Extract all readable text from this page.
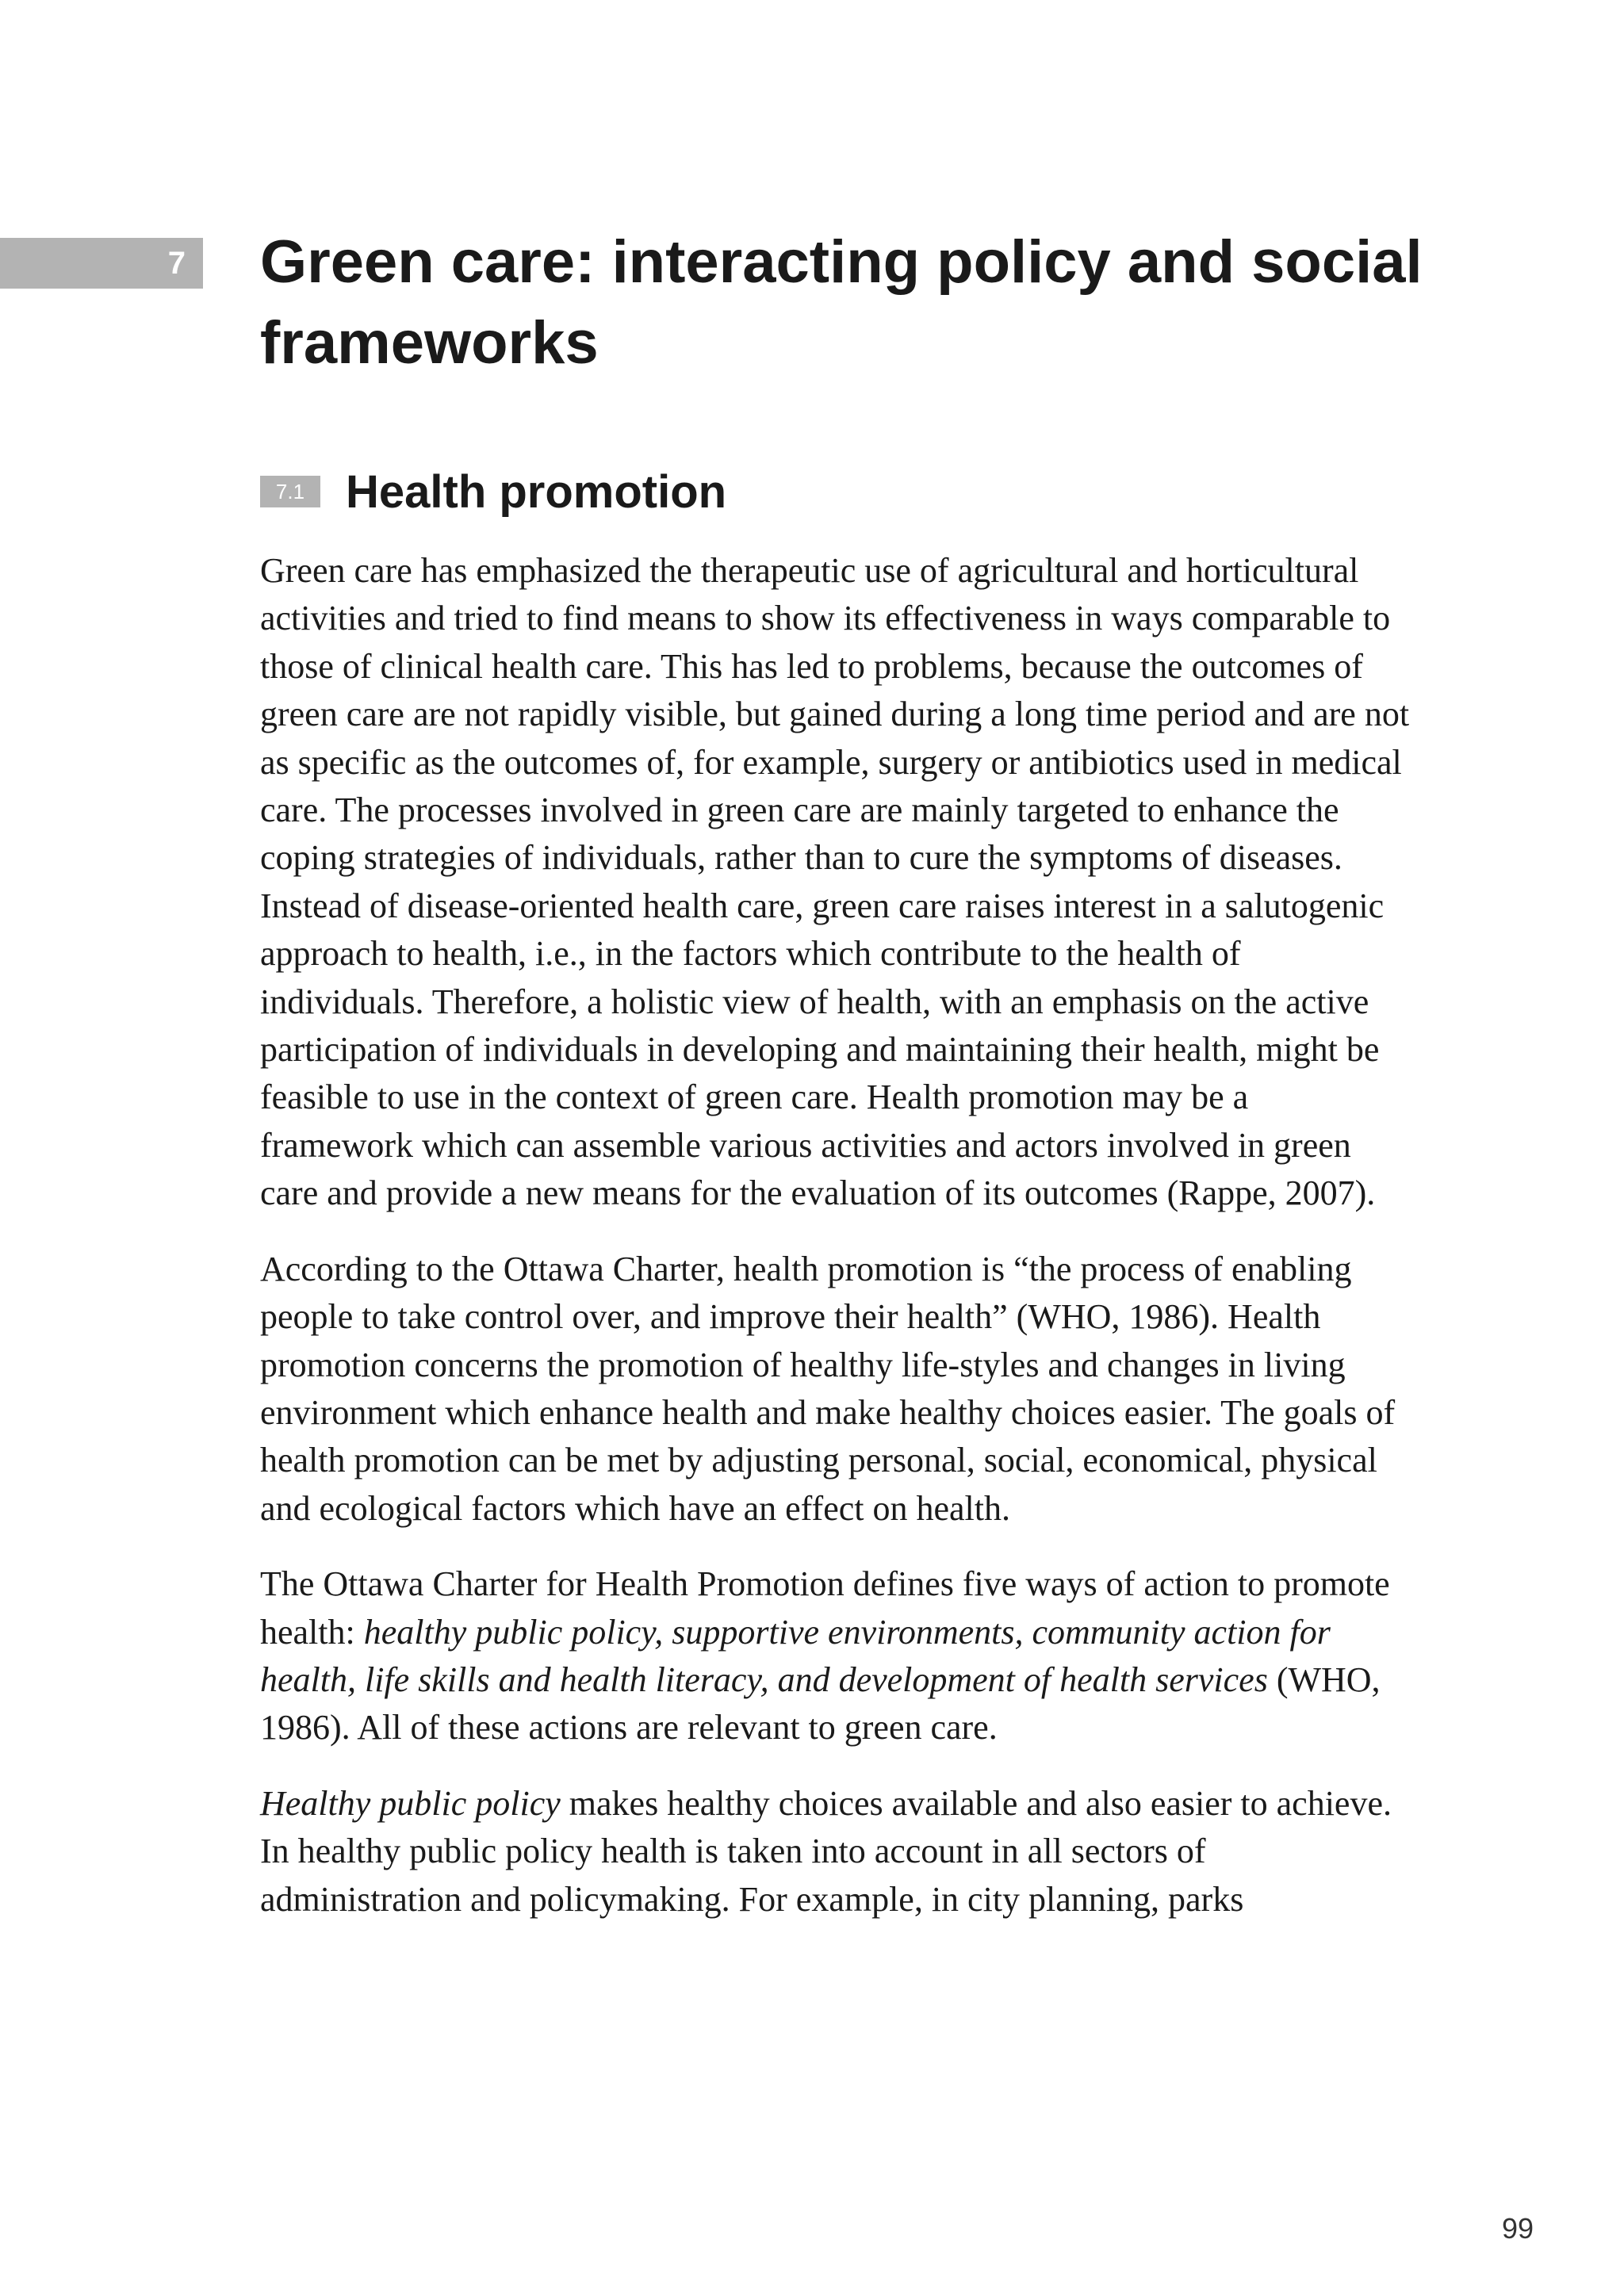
7 Green care: interacting policy and social frameworks
7.1 Health promotion

Green care has emphasized the therapeutic use of agricultural and horticultural activities and tried to find means to show its effectiveness in ways comparable to those of clinical health care. This has led to problems, because the outcomes of green care are not rapidly visible, but gained during a long time period and are not as specific as the outcomes of, for example, surgery or antibiotics used in medical care. The processes involved in green care are mainly targeted to enhance the coping strategies of individuals, rather than to cure the symptoms of diseases. Instead of disease-oriented health care, green care raises interest in a salutogenic approach to health, i.e., in the factors which contribute to the health of individuals. Therefore, a holistic view of health, with an emphasis on the active participation of individuals in developing and maintaining their health, might be feasible to use in the context of green care. Health promotion may be a framework which can assemble various activities and actors involved in green care and provide a new means for the evaluation of its outcomes (Rappe, 2007).

According to the Ottawa Charter, health promotion is “the process of enabling people to take control over, and improve their health” (WHO, 1986). Health promotion concerns the promotion of healthy life-styles and changes in living environment which enhance health and make healthy choices easier. The goals of health promotion can be met by adjusting personal, social, economical, physical and ecological factors which have an effect on health.

The Ottawa Charter for Health Promotion defines five ways of action to promote health: healthy public policy, supportive environments, community action for health, life skills and health literacy, and development of health services (WHO, 1986). All of these actions are relevant to green care.

Healthy public policy makes healthy choices available and also easier to achieve. In healthy public policy health is taken into account in all sectors of administration and policymaking. For example, in city planning, parks

99
